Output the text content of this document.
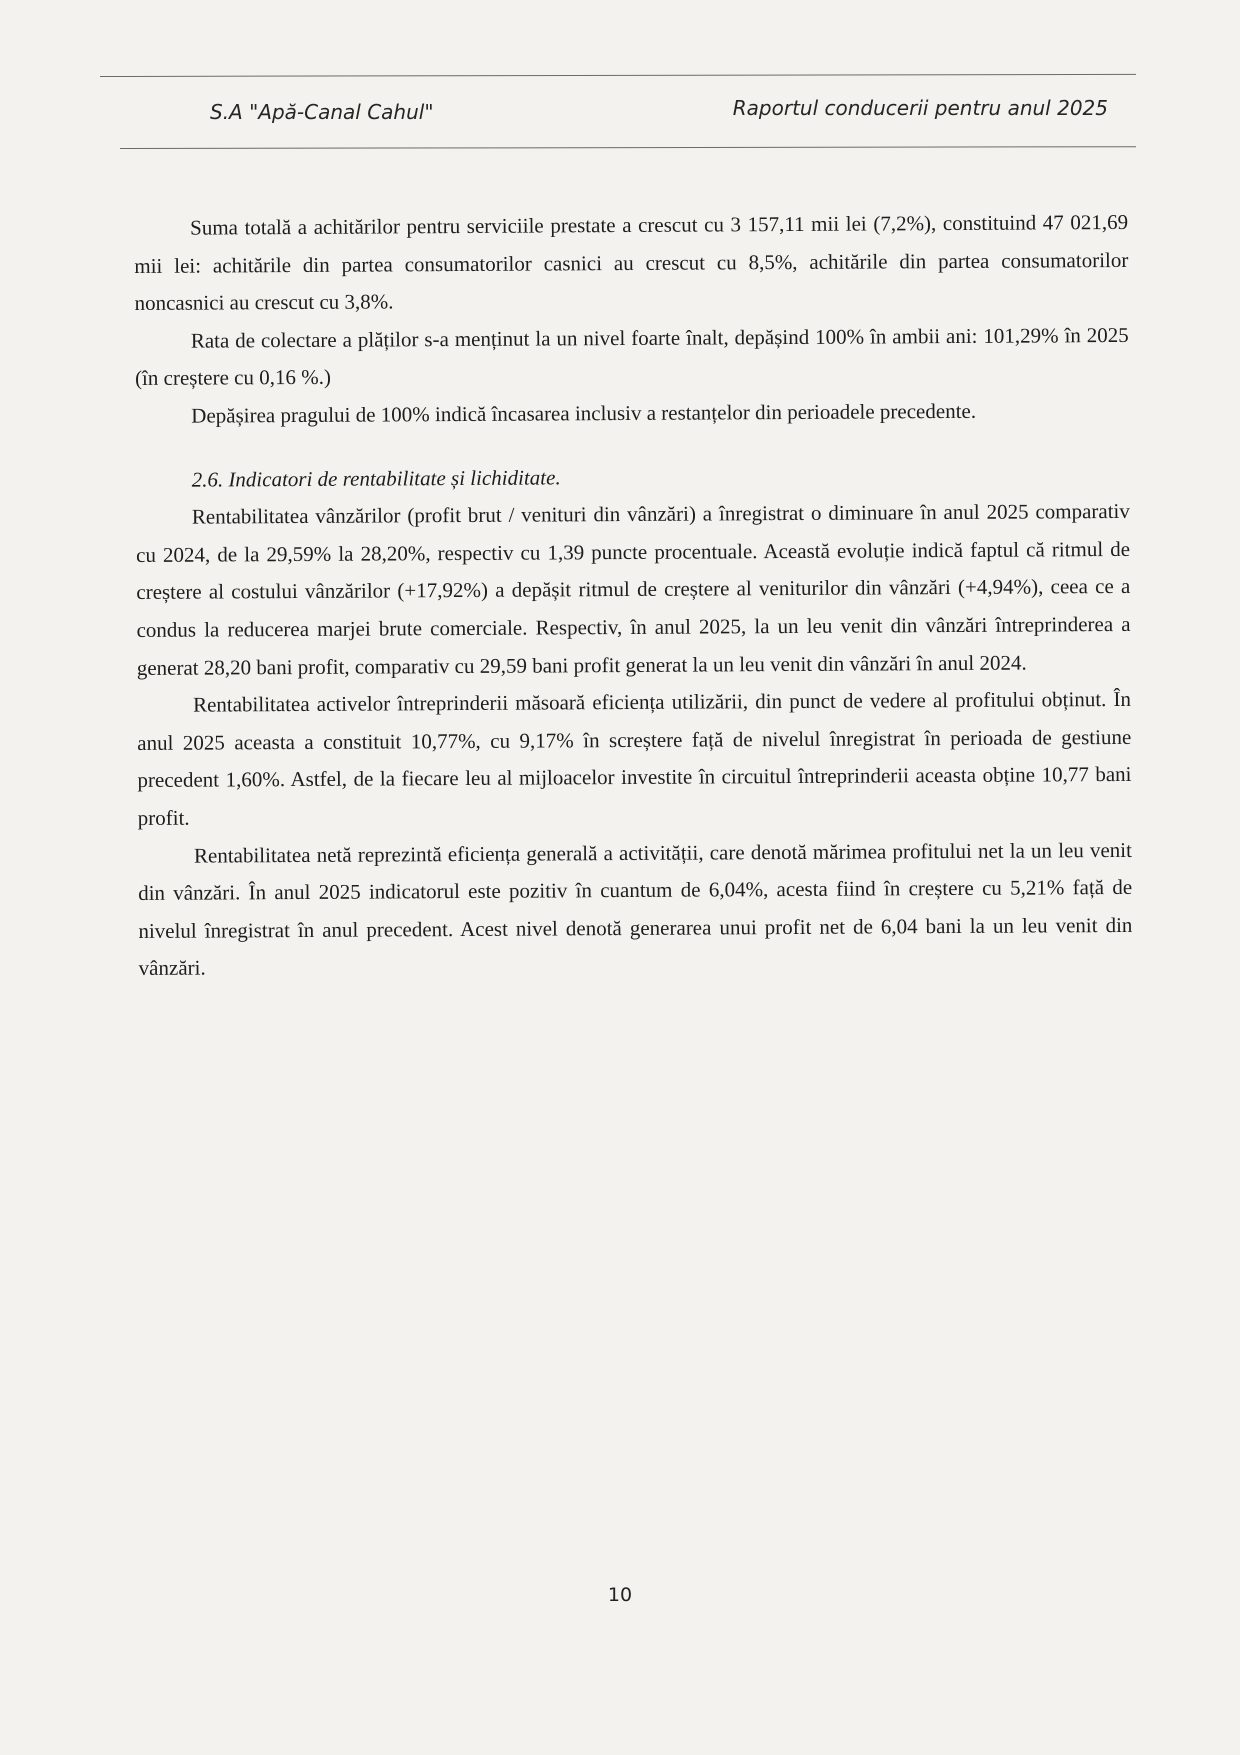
S.A "Apă-Canal Cahul"	Raportul conducerii pentru anul 2025

Suma totală a achitărilor pentru serviciile prestate a crescut cu 3 157,11 mii lei (7,2%), constituind 47 021,69 mii lei: achitările din partea consumatorilor casnici au crescut cu 8,5%, achitările din partea consumatorilor noncasnici au crescut cu 3,8%.

Rata de colectare a plăților s-a menținut la un nivel foarte înalt, depășind 100% în ambii ani: 101,29% în 2025 (în creștere cu 0,16 %.)

Depășirea pragului de 100% indică încasarea inclusiv a restanțelor din perioadele precedente.

2.6. Indicatori de rentabilitate și lichiditate.

Rentabilitatea vânzărilor (profit brut / venituri din vânzări) a înregistrat o diminuare în anul 2025 comparativ cu 2024, de la 29,59% la 28,20%, respectiv cu 1,39 puncte procentuale. Această evoluție indică faptul că ritmul de creștere al costului vânzărilor (+17,92%) a depășit ritmul de creștere al veniturilor din vânzări (+4,94%), ceea ce a condus la reducerea marjei brute comerciale. Respectiv, în anul 2025, la un leu venit din vânzări întreprinderea a generat 28,20 bani profit, comparativ cu 29,59 bani profit generat la un leu venit din vânzări în anul 2024.

Rentabilitatea activelor întreprinderii măsoară eficiența utilizării, din punct de vedere al profitului obținut. În anul 2025 aceasta a constituit 10,77%, cu 9,17% în screștere față de nivelul înregistrat în perioada de gestiune precedent 1,60%. Astfel, de la fiecare leu al mijloacelor investite în circuitul întreprinderii aceasta obține 10,77 bani profit.

Rentabilitatea netă reprezintă eficiența generală a activității, care denotă mărimea profitului net la un leu venit din vânzări. În anul 2025 indicatorul este pozitiv în cuantum de 6,04%, acesta fiind în creștere cu 5,21% față de nivelul înregistrat în anul precedent. Acest nivel denotă generarea unui profit net de 6,04 bani la un leu venit din vânzări.

10
